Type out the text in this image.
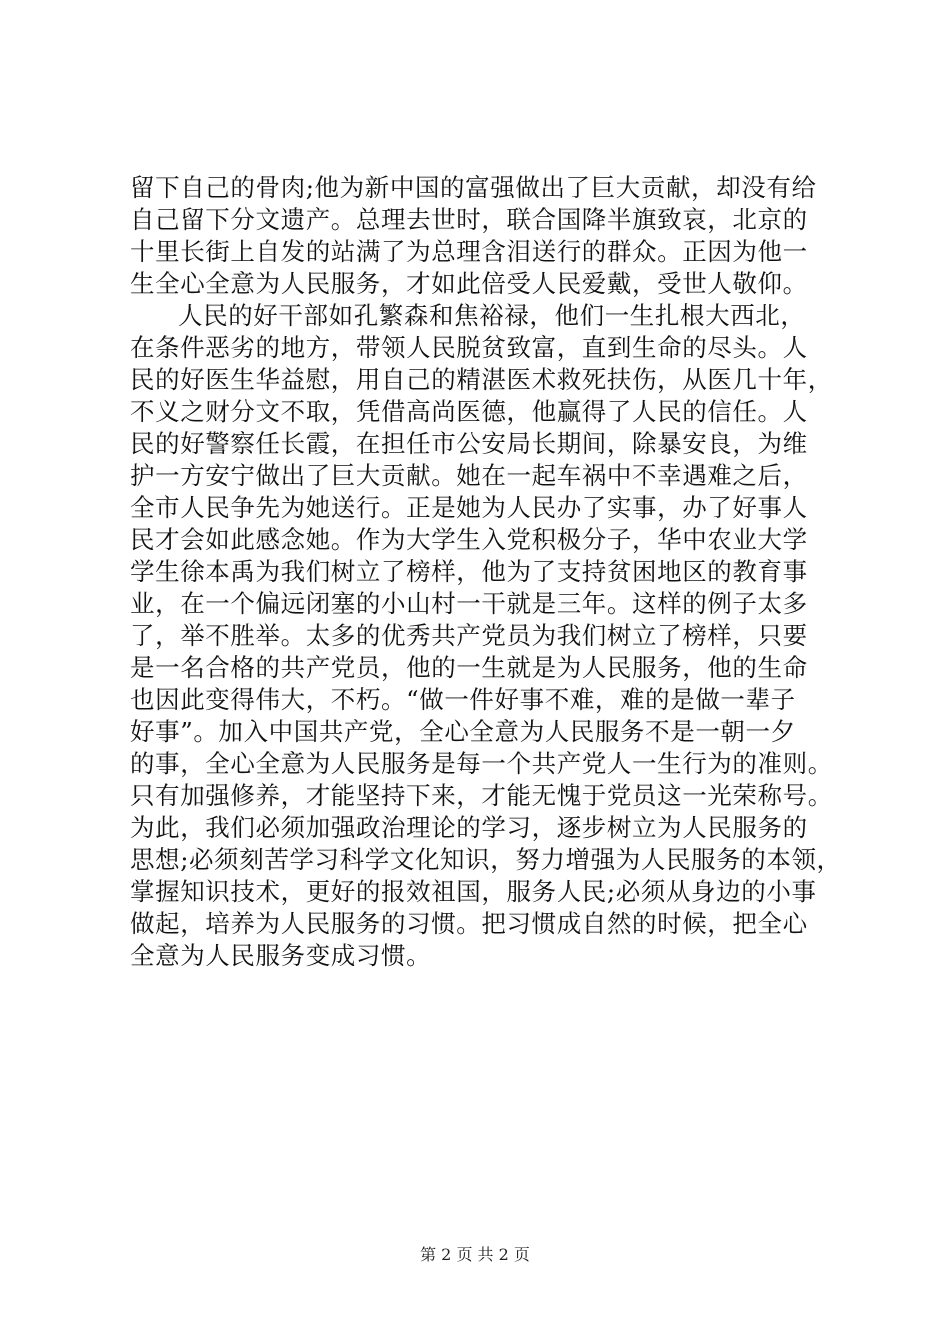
留下自己的骨肉;他为新中国的富强做出了巨大贡献，却没有给
自己留下分文遗产。总理去世时，联合国降半旗致哀，北京的
十里长街上自发的站满了为总理含泪送行的群众。正因为他一
生全心全意为人民服务，才如此倍受人民爱戴，受世人敬仰。
人民的好干部如孔繁森和焦裕禄，他们一生扎根大西北，
在条件恶劣的地方，带领人民脱贫致富，直到生命的尽头。人
民的好医生华益慰，用自己的精湛医术救死扶伤，从医几十年，
不义之财分文不取，凭借高尚医德，他赢得了人民的信任。人
民的好警察任长霞，在担任市公安局长期间，除暴安良，为维
护一方安宁做出了巨大贡献。她在一起车祸中不幸遇难之后，
全市人民争先为她送行。正是她为人民办了实事，办了好事人
民才会如此感念她。作为大学生入党积极分子，华中农业大学
学生徐本禹为我们树立了榜样，他为了支持贫困地区的教育事
业，在一个偏远闭塞的小山村一干就是三年。这样的例子太多
了，举不胜举。太多的优秀共产党员为我们树立了榜样，只要
是一名合格的共产党员，他的一生就是为人民服务，他的生命
也因此变得伟大，不朽。“做一件好事不难，难的是做一辈子
好事”。加入中国共产党，全心全意为人民服务不是一朝一夕
的事，全心全意为人民服务是每一个共产党人一生行为的准则。
只有加强修养，才能坚持下来，才能无愧于党员这一光荣称号。
为此，我们必须加强政治理论的学习，逐步树立为人民服务的
思想;必须刻苦学习科学文化知识，努力增强为人民服务的本领，
掌握知识技术，更好的报效祖国，服务人民;必须从身边的小事
做起，培养为人民服务的习惯。把习惯成自然的时候，把全心
全意为人民服务变成习惯。
第 2 页 共 2 页
